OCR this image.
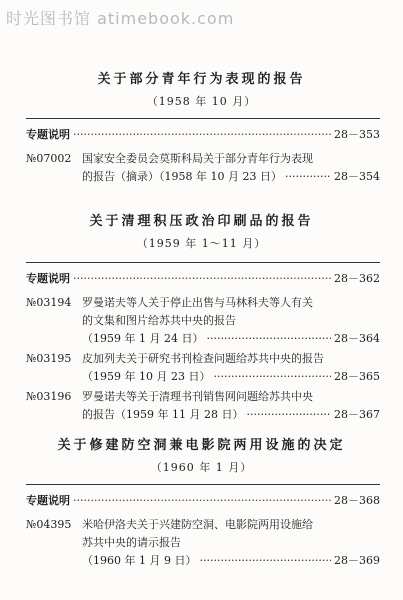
时光图书馆 atimebook.com
关于部分青年行为表现的报告
（1958 年 10 月）
专题说明 ·····	28－353
№07002 国家安全委员会莫斯科局关于部分青年行为表现
的报告（摘录）（1958 年 10 月 23 日） ·····	28－354
关于清理积压政治印刷品的报告
（1959 年 1～11 月）
专题说明 ·····	28－362
№03194 罗曼诺夫等人关于停止出售与马林科夫等人有关
的文集和图片给苏共中央的报告
（1959 年 1 月 24 日） ·····	28－364
№03195 皮加列夫关于研究书刊检查问题给苏共中央的报告
（1959 年 10 月 23 日） ·····	28－365
№03196 罗曼诺夫等关于清理书刊销售网问题给苏共中央
的报告（1959 年 11 月 28 日） ·····	28－367
关于修建防空洞兼电影院两用设施的决定
（1960 年 1 月）
专题说明 ·····	28－368
№04395 米哈伊洛夫关于兴建防空洞、电影院两用设施给
苏共中央的请示报告
（1960 年 1 月 9 日） ·····	28－369
